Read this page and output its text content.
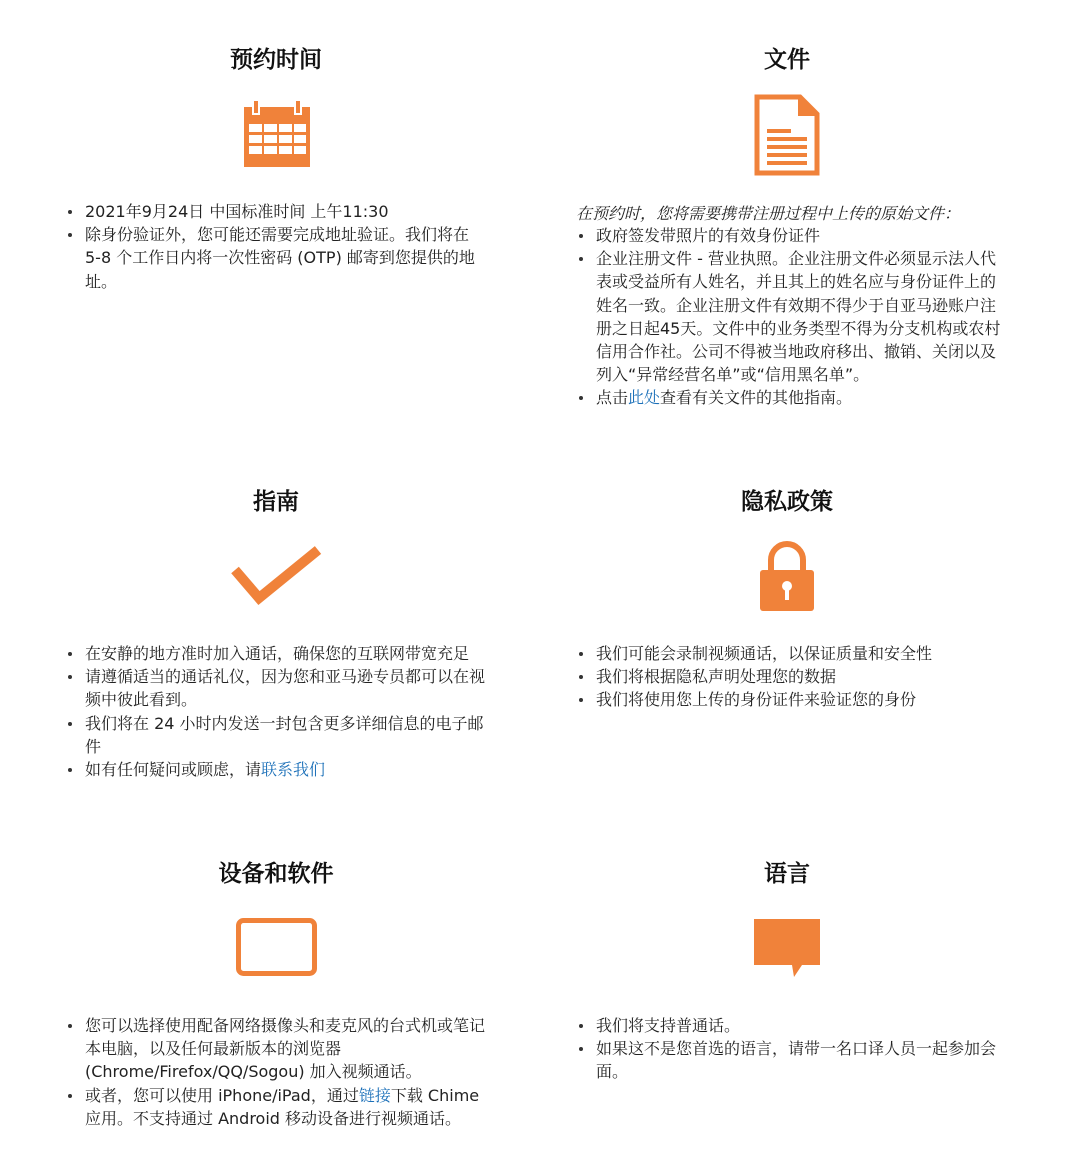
预约时间
2021年9月24日 中国标准时间 上午11:30
除身份验证外，您可能还需要完成地址验证。我们将在 5-8 个工作日内将一次性密码 (OTP) 邮寄到您提供的地址。
文件
在预约时，您将需要携带注册过程中上传的原始文件：
政府签发带照片的有效身份证件
企业注册文件 - 营业执照。企业注册文件必须显示法人代表或受益所有人姓名，并且其上的姓名应与身份证件上的姓名一致。企业注册文件有效期不得少于自亚马逊账户注册之日起45天。文件中的业务类型不得为分支机构或农村信用合作社。公司不得被当地政府移出、撤销、关闭以及列入“异常经营名单”或“信用黑名单”。
点击此处查看有关文件的其他指南。
指南
在安静的地方准时加入通话，确保您的互联网带宽充足
请遵循适当的通话礼仪，因为您和亚马逊专员都可以在视频中彼此看到。
我们将在 24 小时内发送一封包含更多详细信息的电子邮件
如有任何疑问或顾虑，请联系我们
隐私政策
我们可能会录制视频通话，以保证质量和安全性
我们将根据隐私声明处理您的数据
我们将使用您上传的身份证件来验证您的身份
设备和软件
您可以选择使用配备网络摄像头和麦克风的台式机或笔记本电脑，以及任何最新版本的浏览器 (Chrome/Firefox/QQ/Sogou) 加入视频通话。
或者，您可以使用 iPhone/iPad，通过链接下载 Chime 应用。不支持通过 Android 移动设备进行视频通话。
语言
我们将支持普通话。
如果这不是您首选的语言，请带一名口译人员一起参加会面。
